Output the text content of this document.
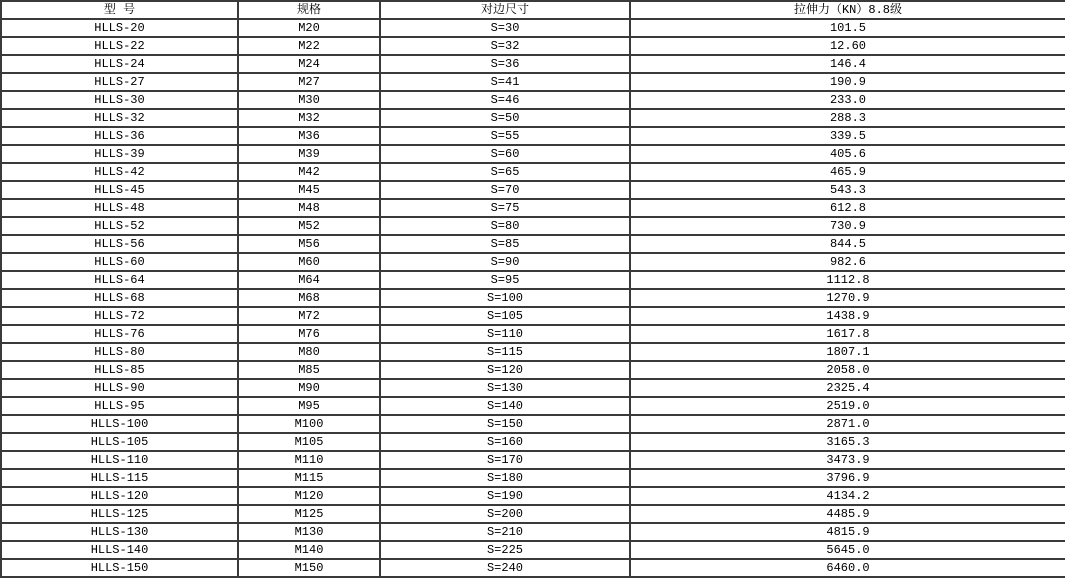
型 号	规格	对边尺寸	拉伸力（KN）8.8级
HLLS-20	M20	S=30	101.5
HLLS-22	M22	S=32	12.60
HLLS-24	M24	S=36	146.4
HLLS-27	M27	S=41	190.9
HLLS-30	M30	S=46	233.0
HLLS-32	M32	S=50	288.3
HLLS-36	M36	S=55	339.5
HLLS-39	M39	S=60	405.6
HLLS-42	M42	S=65	465.9
HLLS-45	M45	S=70	543.3
HLLS-48	M48	S=75	612.8
HLLS-52	M52	S=80	730.9
HLLS-56	M56	S=85	844.5
HLLS-60	M60	S=90	982.6
HLLS-64	M64	S=95	1112.8
HLLS-68	M68	S=100	1270.9
HLLS-72	M72	S=105	1438.9
HLLS-76	M76	S=110	1617.8
HLLS-80	M80	S=115	1807.1
HLLS-85	M85	S=120	2058.0
HLLS-90	M90	S=130	2325.4
HLLS-95	M95	S=140	2519.0
HLLS-100	M100	S=150	2871.0
HLLS-105	M105	S=160	3165.3
HLLS-110	M110	S=170	3473.9
HLLS-115	M115	S=180	3796.9
HLLS-120	M120	S=190	4134.2
HLLS-125	M125	S=200	4485.9
HLLS-130	M130	S=210	4815.9
HLLS-140	M140	S=225	5645.0
HLLS-150	M150	S=240	6460.0
